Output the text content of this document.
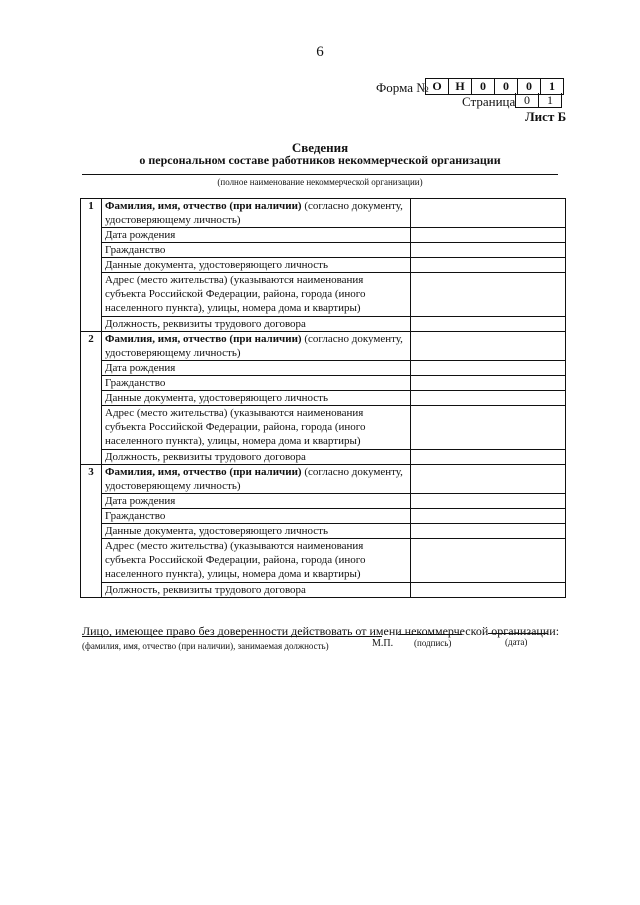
6
Форма № О	Н	0	0	0	1
Страница 0	1
Лист Б
Сведения
о персональном составе работников некоммерческой организации
(полное наименование некоммерческой организации)
1	Фамилия, имя, отчество (при наличии) (согласно документу, удостоверяющему личность)	
	Дата рождения	
	Гражданство	
	Данные документа, удостоверяющего личность	
	Адрес (место жительства) (указываются наименования субъекта Российской Федерации, района, города (иного населенного пункта), улицы, номера дома и квартиры)	
	Должность, реквизиты трудового договора	
2	Фамилия, имя, отчество (при наличии) (согласно документу, удостоверяющему личность)	
	Дата рождения	
	Гражданство	
	Данные документа, удостоверяющего личность	
	Адрес (место жительства) (указываются наименования субъекта Российской Федерации, района, города (иного населенного пункта), улицы, номера дома и квартиры)	
	Должность, реквизиты трудового договора	
3	Фамилия, имя, отчество (при наличии) (согласно документу, удостоверяющему личность)	
	Дата рождения	
	Гражданство	
	Данные документа, удостоверяющего личность	
	Адрес (место жительства) (указываются наименования субъекта Российской Федерации, района, города (иного населенного пункта), улицы, номера дома и квартиры)	
	Должность, реквизиты трудового договора	
Лицо, имеющее право без доверенности действовать от имени некоммерческой организации:
(фамилия, имя, отчество (при наличии), занимаемая должность)	М.П. (подпись)	(дата)
